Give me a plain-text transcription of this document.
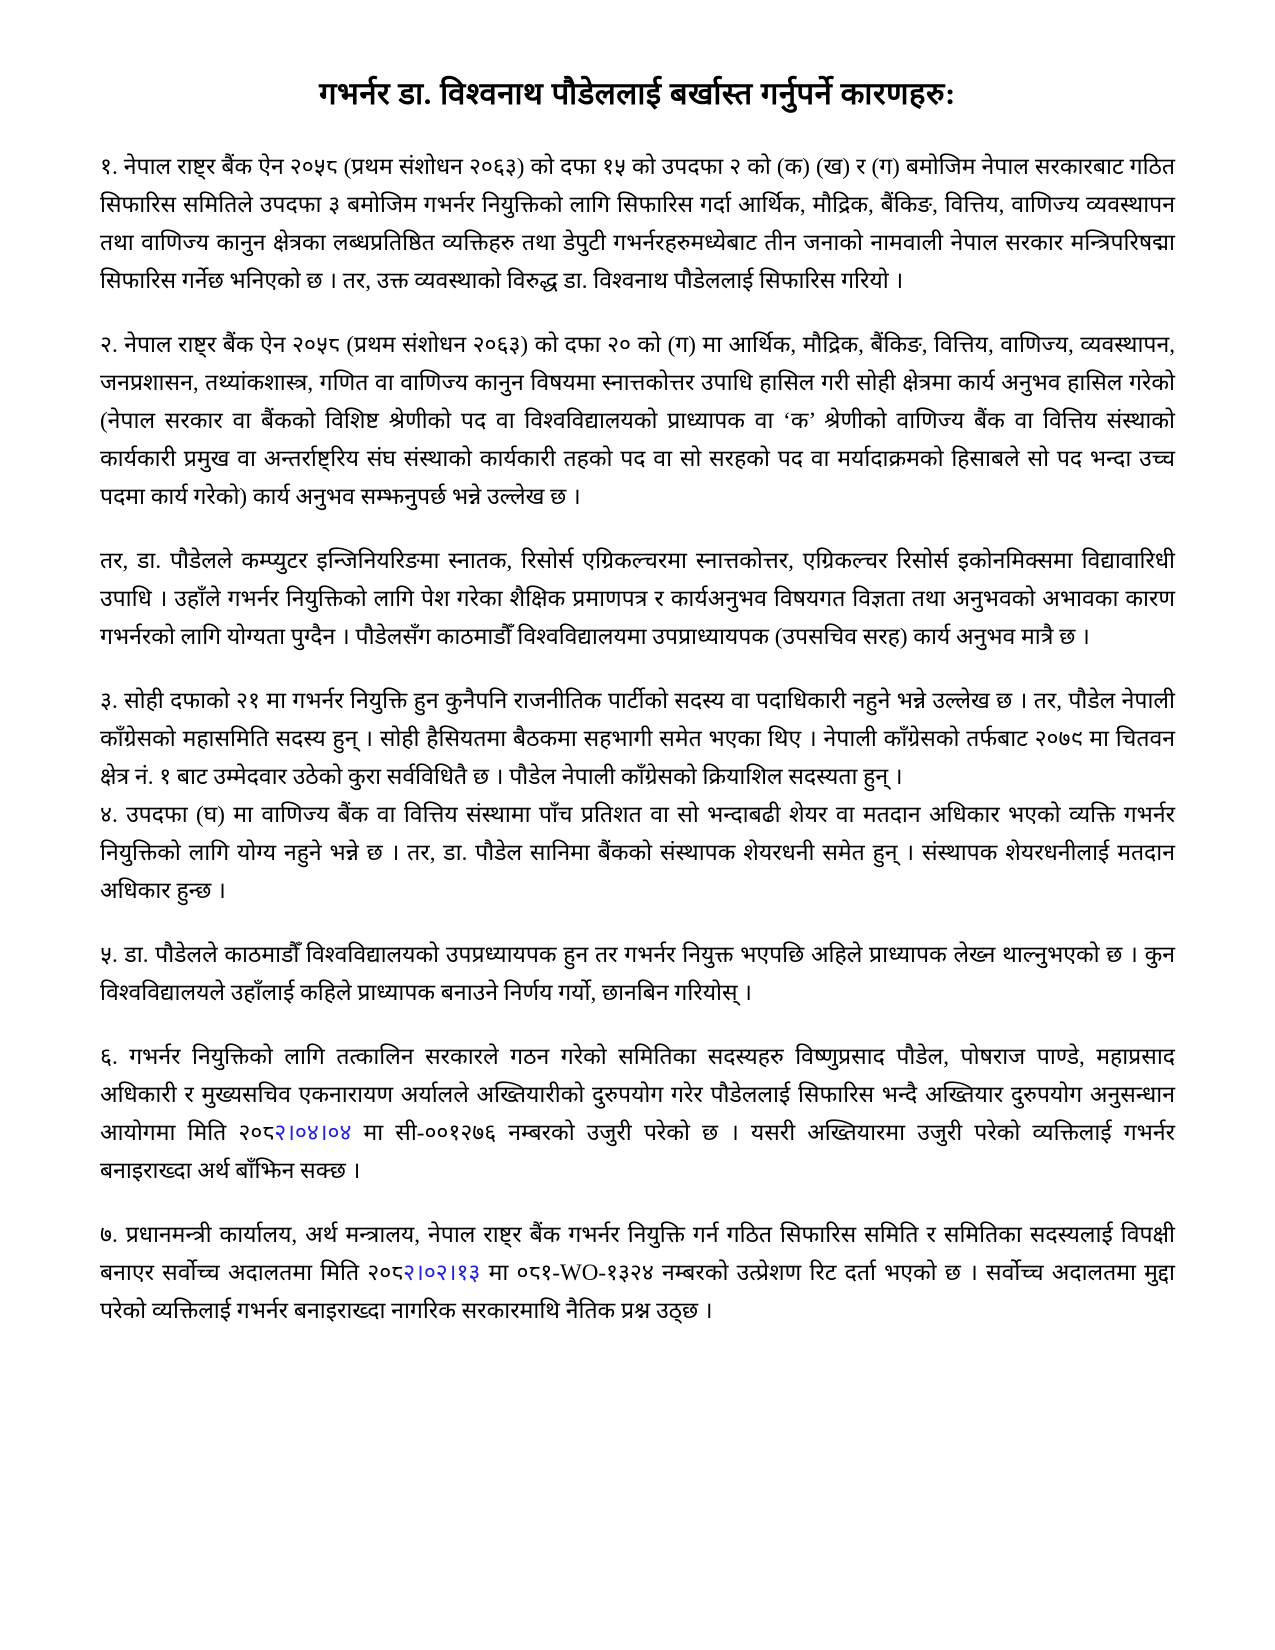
गभर्नर डा. विश्वनाथ पौडेललाई बर्खास्त गर्नुपर्ने कारणहरु:

१. नेपाल राष्ट्र बैंक ऐन २०५८ (प्रथम संशोधन २०६३) को दफा १५ को उपदफा २ को (क) (ख) र (ग) बमोजिम नेपाल सरकारबाट गठित सिफारिस समितिले उपदफा ३ बमोजिम गभर्नर नियुक्तिको लागि सिफारिस गर्दा आर्थिक, मौद्रिक, बैंकिङ, वित्तिय, वाणिज्य व्यवस्थापन तथा वाणिज्य कानुन क्षेत्रका लब्धप्रतिष्ठित व्यक्तिहरु तथा डेपुटी गभर्नरहरुमध्येबाट तीन जनाको नामवाली नेपाल सरकार मन्त्रिपरिषद्मा सिफारिस गर्नेछ भनिएको छ । तर, उक्त व्यवस्थाको विरुद्ध डा. विश्वनाथ पौडेललाई सिफारिस गरियो ।

२. नेपाल राष्ट्र बैंक ऐन २०५८ (प्रथम संशोधन २०६३) को दफा २० को (ग) मा आर्थिक, मौद्रिक, बैंकिङ, वित्तिय, वाणिज्य, व्यवस्थापन, जनप्रशासन, तथ्यांकशास्त्र, गणित वा वाणिज्य कानुन विषयमा स्नात्तकोत्तर उपाधि हासिल गरी सोही क्षेत्रमा कार्य अनुभव हासिल गरेको (नेपाल सरकार वा बैंकको विशिष्ट श्रेणीको पद वा विश्वविद्यालयको प्राध्यापक वा ‘क’ श्रेणीको वाणिज्य बैंक वा वित्तिय संस्थाको कार्यकारी प्रमुख वा अन्तर्राष्ट्रिय संघ संस्थाको कार्यकारी तहको पद वा सो सरहको पद वा मर्यादाक्रमको हिसाबले सो पद भन्दा उच्च पदमा कार्य गरेको) कार्य अनुभव सम्झनुपर्छ भन्ने उल्लेख छ ।

तर, डा. पौडेलले कम्प्युटर इन्जिनियरिङमा स्नातक, रिसोर्स एग्रिकल्चरमा स्नात्तकोत्तर, एग्रिकल्चर रिसोर्स इकोनमिक्समा विद्यावारिधी उपाधि । उहाँले गभर्नर नियुक्तिको लागि पेश गरेका शैक्षिक प्रमाणपत्र र कार्यअनुभव विषयगत विज्ञता तथा अनुभवको अभावका कारण गभर्नरको लागि योग्यता पुग्दैन । पौडेलसँग काठमाडौँ विश्वविद्यालयमा उपप्राध्यायपक (उपसचिव सरह) कार्य अनुभव मात्रै छ ।

३. सोही दफाको २१ मा गभर्नर नियुक्ति हुन कुनैपनि राजनीतिक पार्टीको सदस्य वा पदाधिकारी नहुने भन्ने उल्लेख छ । तर, पौडेल नेपाली काँग्रेसको महासमिति सदस्य हुन् । सोही हैसियतमा बैठकमा सहभागी समेत भएका थिए । नेपाली काँग्रेसको तर्फबाट २०७९ मा चितवन क्षेत्र नं. १ बाट उम्मेदवार उठेको कुरा सर्वविधितै छ । पौडेल नेपाली काँग्रेसको क्रियाशिल सदस्यता हुन् ।

४. उपदफा (घ) मा वाणिज्य बैंक वा वित्तिय संस्थामा पाँच प्रतिशत वा सो भन्दाबढी शेयर वा मतदान अधिकार भएको व्यक्ति गभर्नर नियुक्तिको लागि योग्य नहुने भन्ने छ । तर, डा. पौडेल सानिमा बैंकको संस्थापक शेयरधनी समेत हुन् । संस्थापक शेयरधनीलाई मतदान अधिकार हुन्छ ।

५. डा. पौडेलले काठमाडौँ विश्वविद्यालयको उपप्रध्यायपक हुन तर गभर्नर नियुक्त भएपछि अहिले प्राध्यापक लेख्न थाल्नुभएको छ । कुन विश्वविद्यालयले उहाँलाई कहिले प्राध्यापक बनाउने निर्णय गर्यो, छानबिन गरियोस् ।

६. गभर्नर नियुक्तिको लागि तत्कालिन सरकारले गठन गरेको समितिका सदस्यहरु विष्णुप्रसाद पौडेल, पोषराज पाण्डे, महाप्रसाद अधिकारी र मुख्यसचिव एकनारायण अर्यालले अख्तियारीको दुरुपयोग गरेर पौडेललाई सिफारिस भन्दै अख्तियार दुरुपयोग अनुसन्धान आयोगमा मिति २०८२।०४।०४ मा सी-००१२७६ नम्बरको उजुरी परेको छ । यसरी अख्तियारमा उजुरी परेको व्यक्तिलाई गभर्नर बनाइराख्दा अर्थ बाँझिन सक्छ ।

७. प्रधानमन्त्री कार्यालय, अर्थ मन्त्रालय, नेपाल राष्ट्र बैंक गभर्नर नियुक्ति गर्न गठित सिफारिस समिति र समितिका सदस्यलाई विपक्षी बनाएर सर्वोच्च अदालतमा मिति २०८२।०२।१३ मा ०८१-WO-१३२४ नम्बरको उत्प्रेशण रिट दर्ता भएको छ । सर्वोच्च अदालतमा मुद्दा परेको व्यक्तिलाई गभर्नर बनाइराख्दा नागरिक सरकारमाथि नैतिक प्रश्न उठ्छ ।
